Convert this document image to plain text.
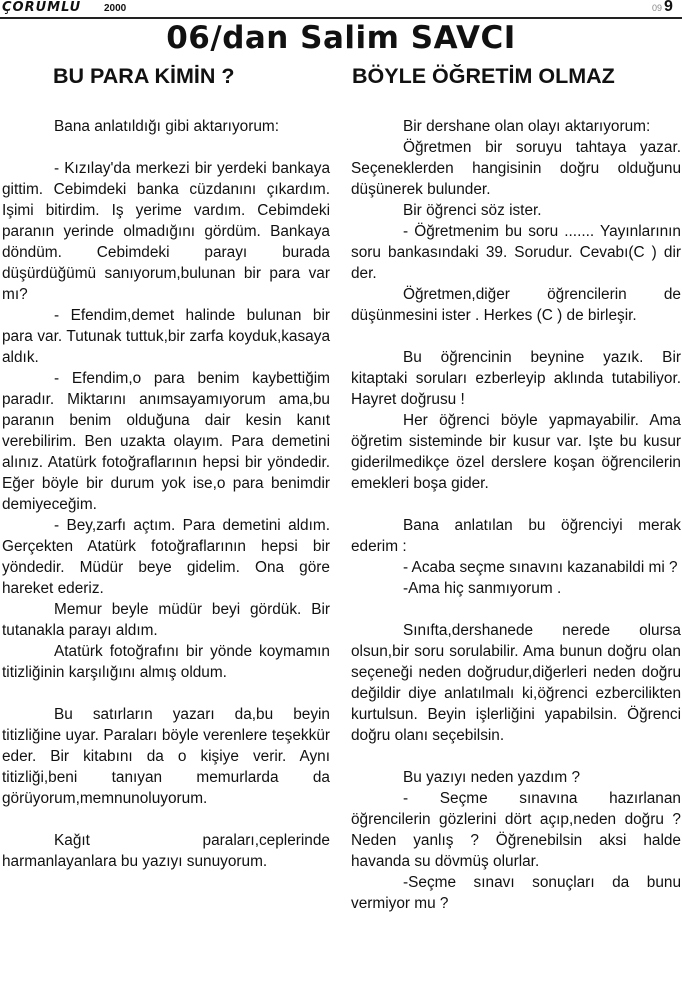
ÇORUMLU 2000	09 9
06/dan Salim SAVCI
BU PARA KİMİN ?	BÖYLE ÖĞRETİM OLMAZ

Bana anlatıldığı gibi aktarıyorum:

- Kızılay'da merkezi bir yerdeki bankaya gittim. Cebimdeki banka cüzdanını çıkardım. Işimi bitirdim. Iş yerime vardım. Cebimdeki paranın yerinde olmadığını gördüm. Bankaya döndüm. Cebimdeki parayı burada düşürdüğümü sanıyorum,bulunan bir para var mı?

- Efendim,demet halinde bulunan bir para var. Tutunak tuttuk,bir zarfa koyduk,kasaya aldık.

- Efendim,o para benim kaybettiğim paradır. Miktarını anımsayamıyorum ama,bu paranın benim olduğuna dair kesin kanıt verebilirim. Ben uzakta olayım. Para demetini alınız. Atatürk fotoğraflarının hepsi bir yöndedir. Eğer böyle bir durum yok ise,o para benimdir demiyeceğim.

- Bey,zarfı açtım. Para demetini aldım. Gerçekten Atatürk fotoğraflarının hepsi bir yöndedir. Müdür beye gidelim. Ona göre hareket ederiz.

Memur beyle müdür beyi gördük. Bir tutanakla parayı aldım.

Atatürk fotoğrafını bir yönde koymamın titizliğinin karşılığını almış oldum.

Bu satırların yazarı da,bu beyin titizliğine uyar. Paraları böyle verenlere teşekkür eder. Bir kitabını da o kişiye verir. Aynı titizliği,beni tanıyan memurlarda da görüyorum,memnunoluyorum.

Kağıt paraları,ceplerinde harmanlayanlara bu yazıyı sunuyorum.

Bir dershane olan olayı aktarıyorum:

Öğretmen bir soruyu tahtaya yazar. Seçeneklerden hangisinin doğru olduğunu düşünerek bulunder.

Bir öğrenci söz ister.

- Öğretmenim bu soru ....... Yayınlarının soru bankasındaki 39. Sorudur. Cevabı(C ) dir der.

Öğretmen,diğer öğrencilerin de düşünmesini ister . Herkes (C ) de birleşir.

Bu öğrencinin beynine yazık. Bir kitaptaki soruları ezberleyip aklında tutabiliyor. Hayret doğrusu !

Her öğrenci böyle yapmayabilir. Ama öğretim sisteminde bir kusur var. Işte bu kusur giderilmedikçe özel derslere koşan öğrencilerin emekleri boşa gider.

Bana anlatılan bu öğrenciyi merak ederim :

- Acaba seçme sınavını kazanabildi mi ?

-Ama hiç sanmıyorum .

Sınıfta,dershanede nerede olursa olsun,bir soru sorulabilir. Ama bunun doğru olan seçeneği neden doğrudur,diğerleri neden doğru değildir diye anlatılmalı ki,öğrenci ezbercilikten kurtulsun. Beyin işlerliğini yapabilsin. Öğrenci doğru olanı seçebilsin.

Bu yazıyı neden yazdım ?

- Seçme sınavına hazırlanan öğrencilerin gözlerini dört açıp,neden doğru ? Neden yanlış ? Öğrenebilsin aksi halde havanda su dövmüş olurlar.

-Seçme sınavı sonuçları da bunu vermiyor mu ?
